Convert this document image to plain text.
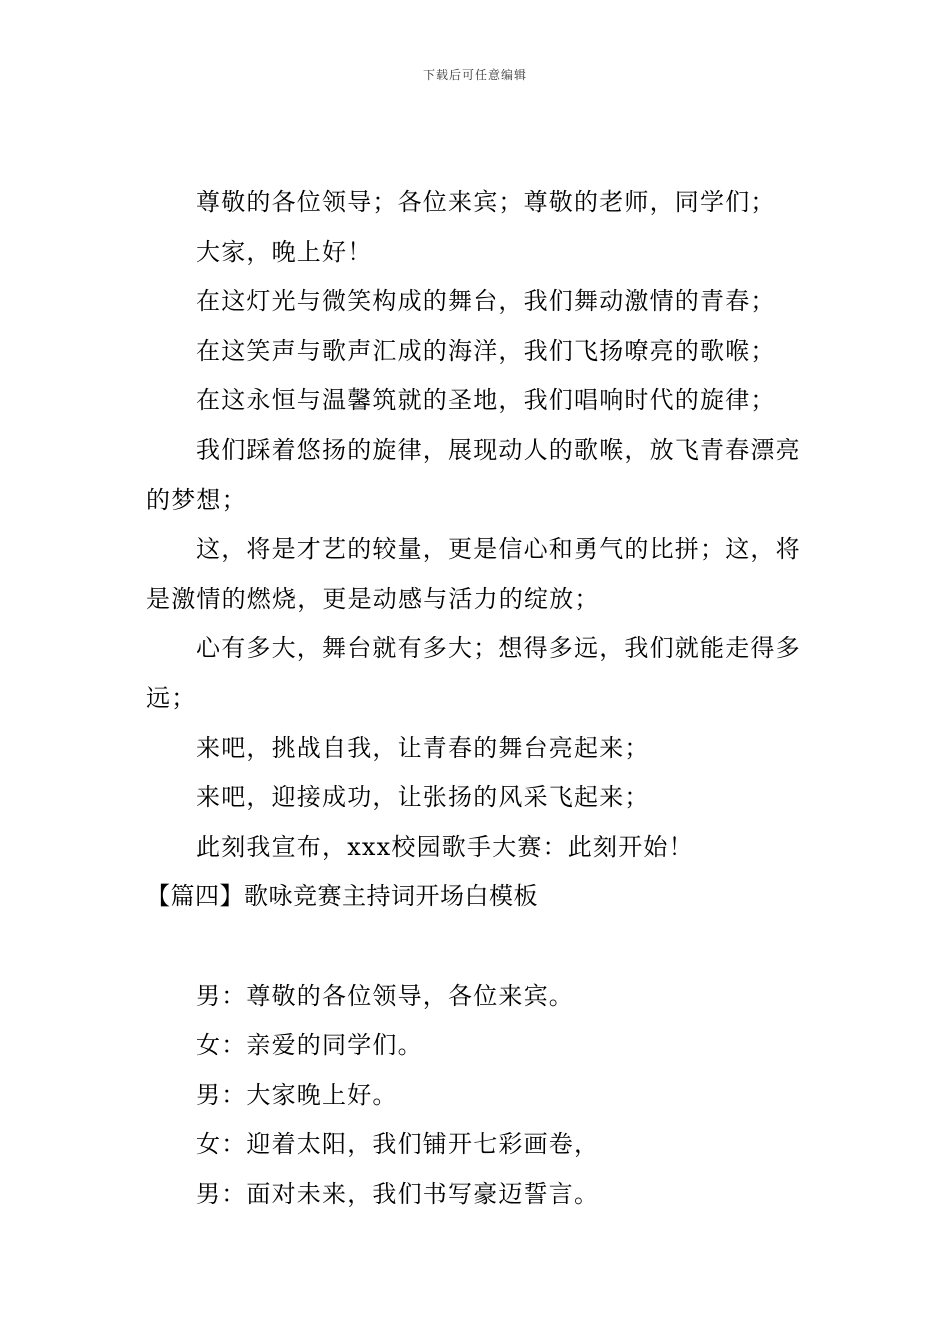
下载后可任意编辑

尊敬的各位领导；各位来宾；尊敬的老师，同学们；

大家，晚上好！

在这灯光与微笑构成的舞台，我们舞动激情的青春；

在这笑声与歌声汇成的海洋，我们飞扬嘹亮的歌喉；

在这永恒与温馨筑就的圣地，我们唱响时代的旋律；

我们踩着悠扬的旋律，展现动人的歌喉，放飞青春漂亮的梦想；

这，将是才艺的较量，更是信心和勇气的比拼；这，将是激情的燃烧，更是动感与活力的绽放；

心有多大，舞台就有多大；想得多远，我们就能走得多远；

来吧，挑战自我，让青春的舞台亮起来；

来吧，迎接成功，让张扬的风采飞起来；

此刻我宣布，xxx校园歌手大赛：此刻开始！

【篇四】歌咏竞赛主持词开场白模板

男：尊敬的各位领导，各位来宾。

女：亲爱的同学们。

男：大家晚上好。

女：迎着太阳，我们铺开七彩画卷，

男：面对未来，我们书写豪迈誓言。
